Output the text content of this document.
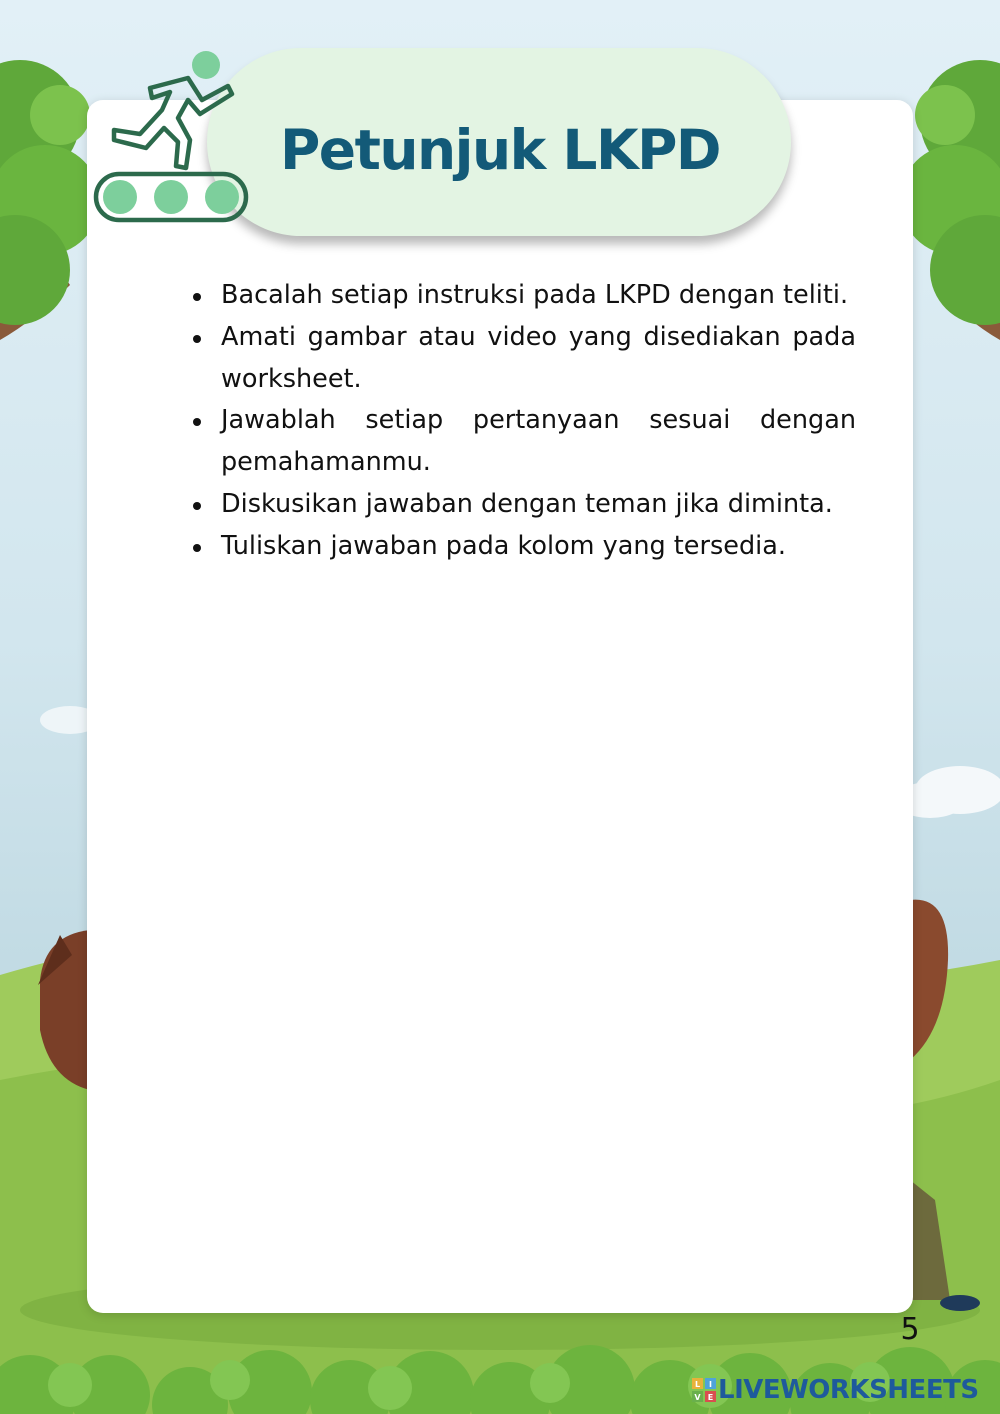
Petunjuk LKPD
Bacalah setiap instruksi pada LKPD dengan teliti.
Amati gambar atau video yang disediakan pada worksheet.
Jawablah setiap pertanyaan sesuai dengan pemahamanmu.
Diskusikan jawaban dengan teman jika diminta.
Tuliskan jawaban pada kolom yang tersedia.
5
L I
V E LIVEWORKSHEETS
